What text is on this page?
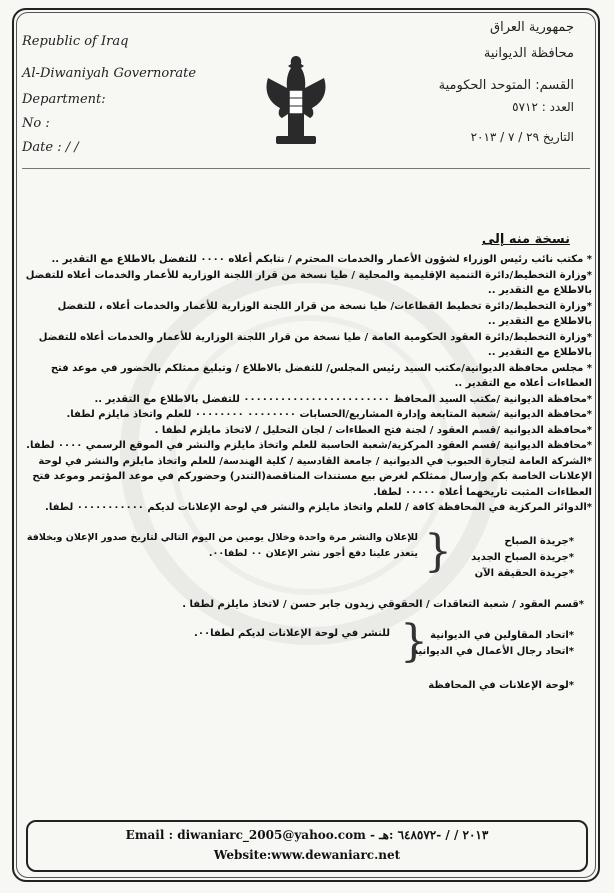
Republic of Iraq
Al-Diwaniyah Governorate
Department:
No :
Date : / /
جمهورية العراق
محافظة الديوانية
القسم: المتوحد الحكومية
العدد : ٥٧١٢
التاريخ ٢٩ / ٧ / ٢٠١٣
نسخة منه إلى
* مكتب نائب رئيس الوزراء لشؤون الأعمار والخدمات المحترم / نتابكم أعلاه ٠٠٠٠ للتفضل بالاطلاع مع التقدير ..
*وزارة التخطيط/دائرة التنمية الإقليمية والمحلية / طيا نسخة من قرار اللجنة الوزارية للأعمار والخدمات أعلاه للتفضل
بالاطلاع مع التقدير ..
*وزارة التخطيط/دائرة تخطيط القطاعات/ طيا نسخة من قرار اللجنة الوزارية للأعمار والخدمات أعلاه ، للتفضل
بالاطلاع مع التقدير ..
*وزارة التخطيط/دائرة العقود الحكومية العامة / طيا نسخة من قرار اللجنة الوزارية للأعمار والخدمات أعلاه للتفضل
بالاطلاع مع التقدير ..
* مجلس محافظة الديوانية/مكتب السيد رئيس المجلس/ للتفضل بالاطلاع / وتبليغ ممثلكم بالحضور في موعد فتح
العطاءات أعلاه مع التقدير ..
*محافظة الديوانية /مكتب السيد المحافظ ٠٠٠٠٠٠٠٠٠٠٠٠٠٠٠٠٠٠٠٠٠٠٠٠ للتفضل بالاطلاع مع التقدير ..
*محافظة الديوانية /شعبة المتابعة وإدارة المشاريع/الحسابات ٠٠٠٠٠٠٠٠ ٠٠٠٠٠٠٠٠ للعلم واتخاذ مايلزم لطفا.
*محافظة الديوانية /قسم العقود / لجنة فتح العطاءات / لجان التحليل / لاتخاذ مايلزم لطفا .
*محافظة الديوانية /قسم العقود المركزية/شعبة الحاسبة للعلم واتخاذ مايلزم والنشر في الموقع الرسمي ٠٠٠٠ لطفا.
*الشركة العامة لتجارة الحبوب في الديوانية / جامعة القادسية / كلية الهندسة/ للعلم واتخاذ مايلزم والنشر في لوحة
الإعلانات الخاصة بكم وإرسال ممثلكم لغرض بيع مستندات المناقصة(التندر) وحضوركم في موعد المؤتمر وموعد فتح
العطاءات المثبت تاريخهما أعلاه ٠٠٠٠٠ لطفا.
*الدوائر المركزية في المحافظة كافة / للعلم واتخاذ مايلزم والنشر في لوحة الإعلانات لديكم ٠٠٠٠٠٠٠٠٠٠٠ لطفا.
*جريدة الصباح
*جريدة الصباح الجديد
*جريدة الحقيقة الآن
}
للإعلان والنشر مرة واحدة وخلال يومين من اليوم التالي لتاريخ صدور الإعلان وبخلافة
يتعذر علينا دفع أجور نشر الإعلان ٠٠ لطفا٠٠.
*قسم العقود / شعبة التعاقدات / الحقوقي زيدون جابر حسن / لاتخاذ مايلزم لطفا .
*اتحاد المقاولين في الديوانية
*اتحاد رجال الأعمال في الديوانية
}
للنشر في لوحة الإعلانات لديكم لطفا٠٠.
*لوحة الإعلانات في المحافظة
Email : diwaniarc_2005@yahoo.com - ٢٠١٣ / / -٦٤٨٥٧٢ :هـ
Website:www.dewaniarc.net
